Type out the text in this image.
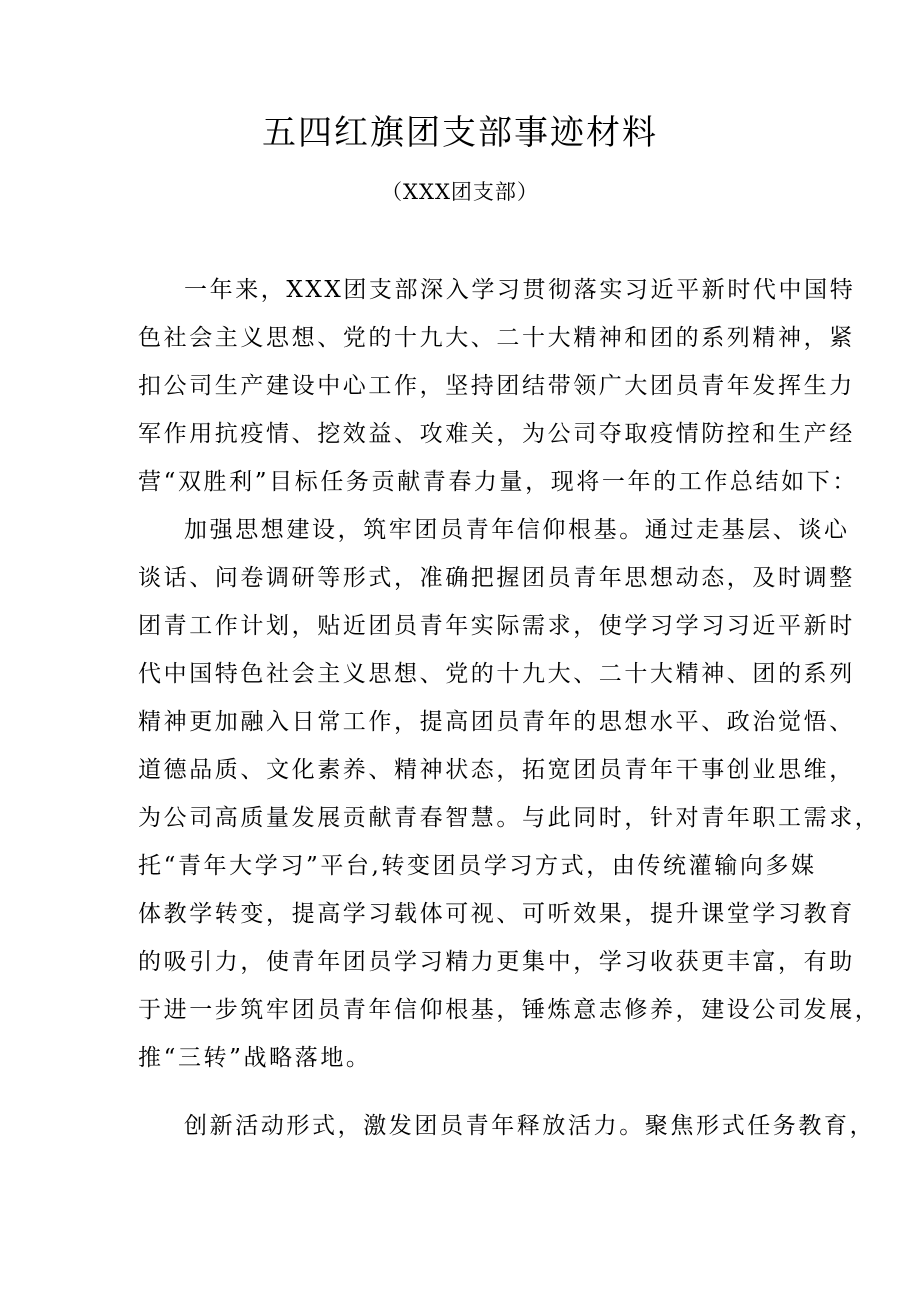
五四红旗团支部事迹材料
（XXX团支部）
一年来，XXX团支部深入学习贯彻落实习近平新时代中国特
色社会主义思想、党的十九大、二十大精神和团的系列精神，紧
扣公司生产建设中心工作，坚持团结带领广大团员青年发挥生力
军作用抗疫情、挖效益、攻难关，为公司夺取疫情防控和生产经
营“双胜利”目标任务贡献青春力量，现将一年的工作总结如下：
加强思想建设，筑牢团员青年信仰根基。通过走基层、谈心
谈话、问卷调研等形式，准确把握团员青年思想动态，及时调整
团青工作计划，贴近团员青年实际需求，使学习学习习近平新时
代中国特色社会主义思想、党的十九大、二十大精神、团的系列
精神更加融入日常工作，提高团员青年的思想水平、政治觉悟、
道德品质、文化素养、精神状态，拓宽团员青年干事创业思维，
为公司高质量发展贡献青春智慧。与此同时，针对青年职工需求，
托“青年大学习”平台,转变团员学习方式，由传统灌输向多媒
体教学转变，提高学习载体可视、可听效果，提升课堂学习教育
的吸引力，使青年团员学习精力更集中，学习收获更丰富，有助
于进一步筑牢团员青年信仰根基，锤炼意志修养，建设公司发展，
推“三转”战略落地。
创新活动形式，激发团员青年释放活力。聚焦形式任务教育，
